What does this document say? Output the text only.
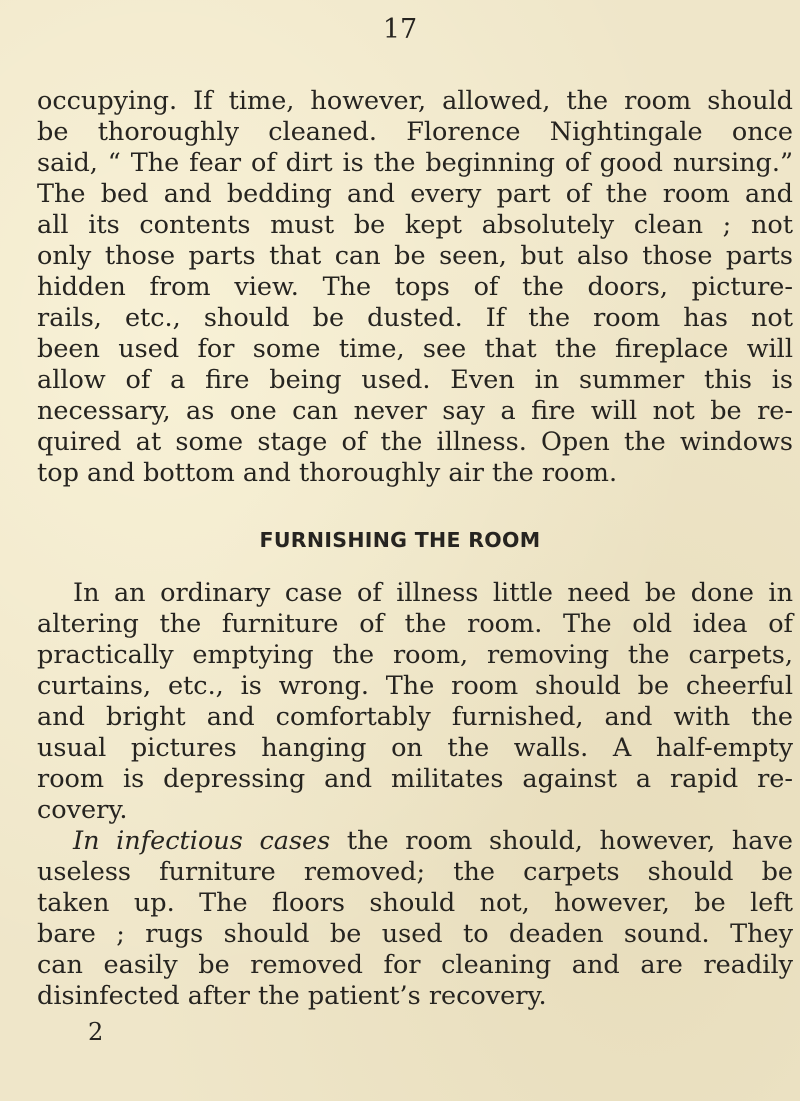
17
occupying. If time, however, allowed, the room should
be thoroughly cleaned. Florence Nightingale once
said, “ The fear of dirt is the beginning of good nursing.”
The bed and bedding and every part of the room and
all its contents must be kept absolutely clean ; not
only those parts that can be seen, but also those parts
hidden from view. The tops of the doors, picture-
rails, etc., should be dusted. If the room has not
been used for some time, see that the fireplace will
allow of a fire being used. Even in summer this is
necessary, as one can never say a fire will not be re-
quired at some stage of the illness. Open the windows
top and bottom and thoroughly air the room.
FURNISHING THE ROOM
In an ordinary case of illness little need be done in
altering the furniture of the room. The old idea of
practically emptying the room, removing the carpets,
curtains, etc., is wrong. The room should be cheerful
and bright and comfortably furnished, and with the
usual pictures hanging on the walls. A half-empty
room is depressing and militates against a rapid re-
covery.
In infectious cases the room should, however, have
useless furniture removed; the carpets should be
taken up. The floors should not, however, be left
bare ; rugs should be used to deaden sound. They
can easily be removed for cleaning and are readily
disinfected after the patient’s recovery.
2
